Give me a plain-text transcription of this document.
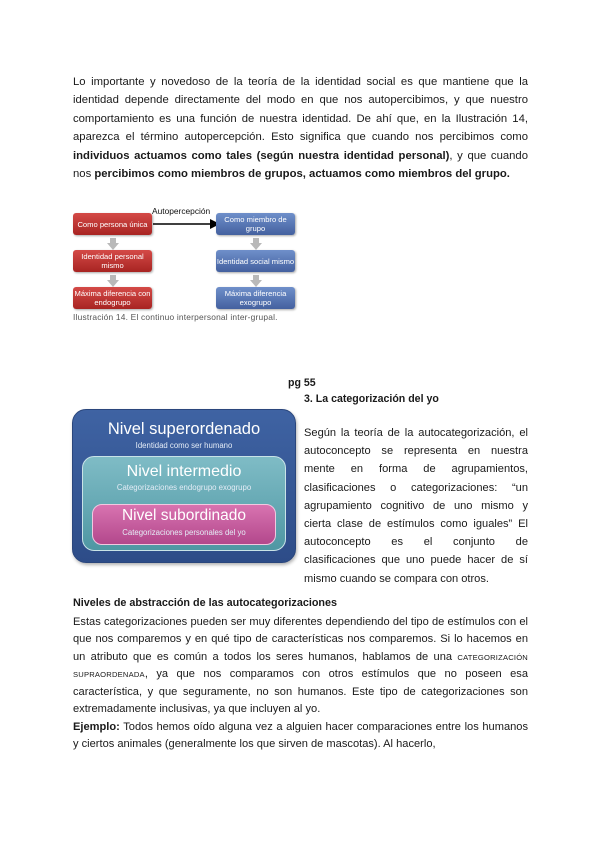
Lo importante y novedoso de la teoría de la identidad social es que mantiene que la identidad depende directamente del modo en que nos autopercibimos, y que nuestro comportamiento es una función de nuestra identidad. De ahí que, en la Ilustración 14, aparezca el término autopercepción. Esto significa que cuando nos percibimos como individuos actuamos como tales (según nuestra identidad personal), y que cuando nos percibimos como miembros de grupos, actuamos como miembros del grupo.

Autopercepción
Como persona única
Identidad personal mismo
Máxima diferencia con endogrupo
Como miembro de grupo
Identidad social mismo
Máxima diferencia exogrupo
Ilustración 14. El continuo interpersonal inter-grupal.
pg 55
3. La categorización del yo
Nivel superordenado
Identidad como ser humano
Nivel intermedio
Categorizaciones endogrupo exogrupo
Nivel subordinado
Categorizaciones personales del yo

Según la teoría de la autocategorización, el autoconcepto se representa en nuestra mente en forma de agrupamientos, clasificaciones o categorizaciones: “un agrupamiento cognitivo de uno mismo y cierta clase de estímulos como iguales” El autoconcepto es el conjunto de clasificaciones que uno puede hacer de sí mismo cuando se compara con otros.

Niveles de abstracción de las autocategorizaciones

Estas categorizaciones pueden ser muy diferentes dependiendo del tipo de estímulos con el que nos comparemos y en qué tipo de características nos comparemos. Si lo hacemos en un atributo que es común a todos los seres humanos, hablamos de una CATEGORIZACIÓN SUPRAORDENADA, ya que nos comparamos con otros estímulos que no poseen esa característica, y que seguramente, no son humanos. Este tipo de categorizaciones son extremadamente inclusivas, ya que incluyen al yo.

Ejemplo: Todos hemos oído alguna vez a alguien hacer comparaciones entre los humanos y ciertos animales (generalmente los que sirven de mascotas). Al hacerlo,
